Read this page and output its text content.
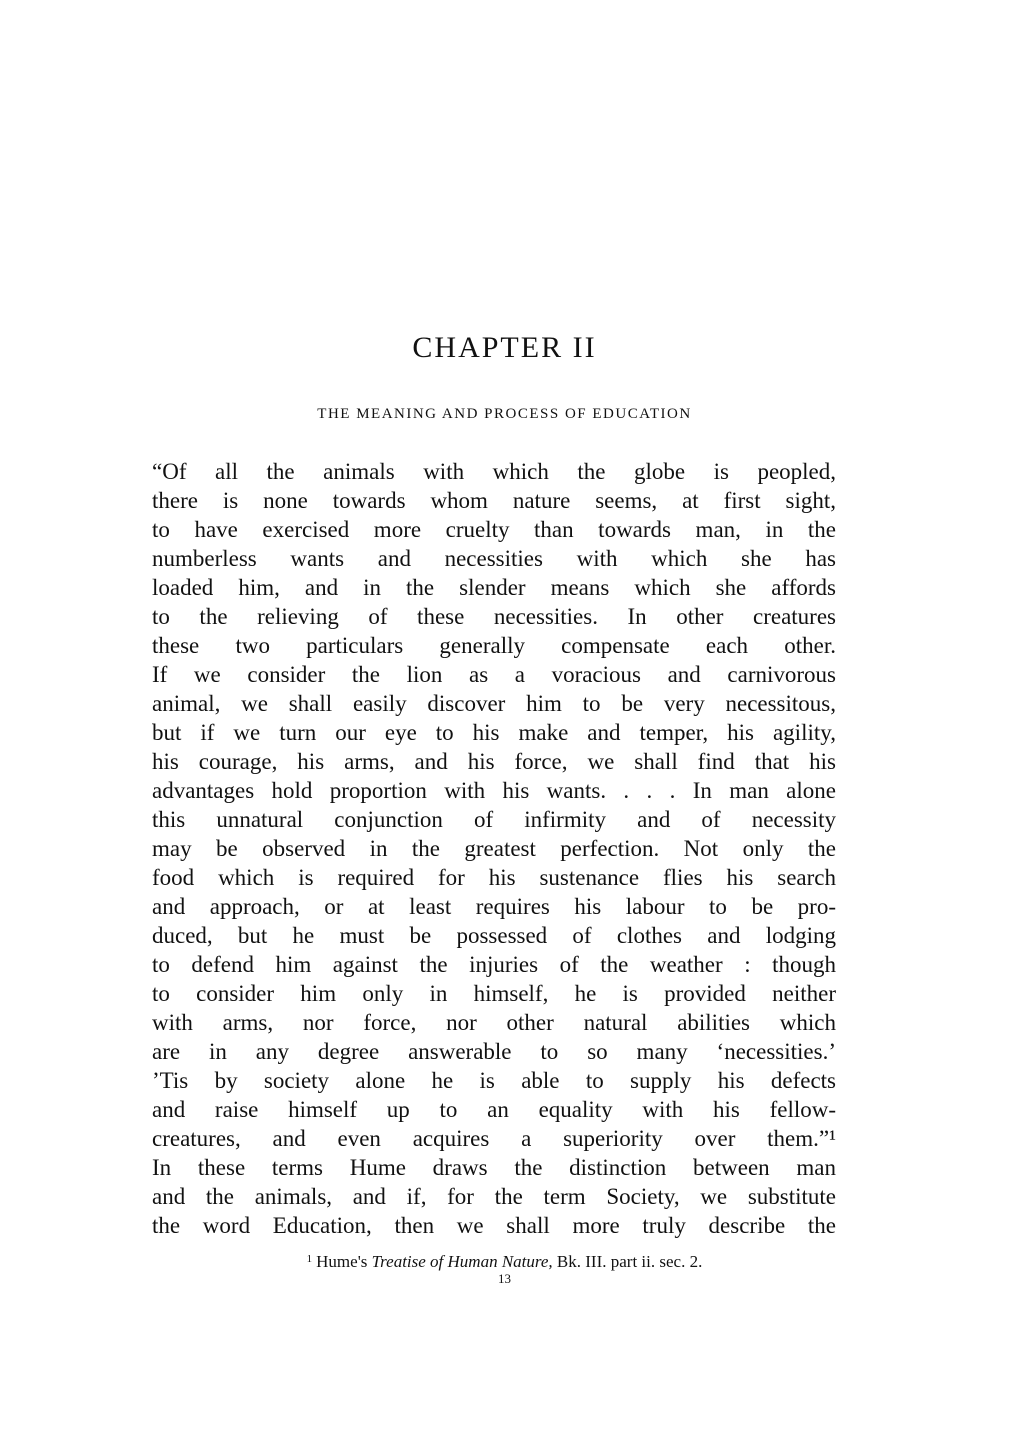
CHAPTER II
THE MEANING AND PROCESS OF EDUCATION
“Of all the animals with which the globe is peopled,
there is none towards whom nature seems, at first sight,
to have exercised more cruelty than towards man, in the
numberless wants and necessities with which she has
loaded him, and in the slender means which she affords
to the relieving of these necessities. In other creatures
these two particulars generally compensate each other.
If we consider the lion as a voracious and carnivorous
animal, we shall easily discover him to be very necessitous,
but if we turn our eye to his make and temper, his agility,
his courage, his arms, and his force, we shall find that his
advantages hold proportion with his wants. . . . In man alone
this unnatural conjunction of infirmity and of necessity
may be observed in the greatest perfection. Not only the
food which is required for his sustenance flies his search
and approach, or at least requires his labour to be pro-
duced, but he must be possessed of clothes and lodging
to defend him against the injuries of the weather : though
to consider him only in himself, he is provided neither
with arms, nor force, nor other natural abilities which
are in any degree answerable to so many ‘necessities.’
’Tis by society alone he is able to supply his defects
and raise himself up to an equality with his fellow-
creatures, and even acquires a superiority over them.”¹
In these terms Hume draws the distinction between man
and the animals, and if, for the term Society, we substitute
the word Education, then we shall more truly describe the
$^1$ Hume's Treatise of Human Nature, Bk. III. part ii. sec. 2.
13
